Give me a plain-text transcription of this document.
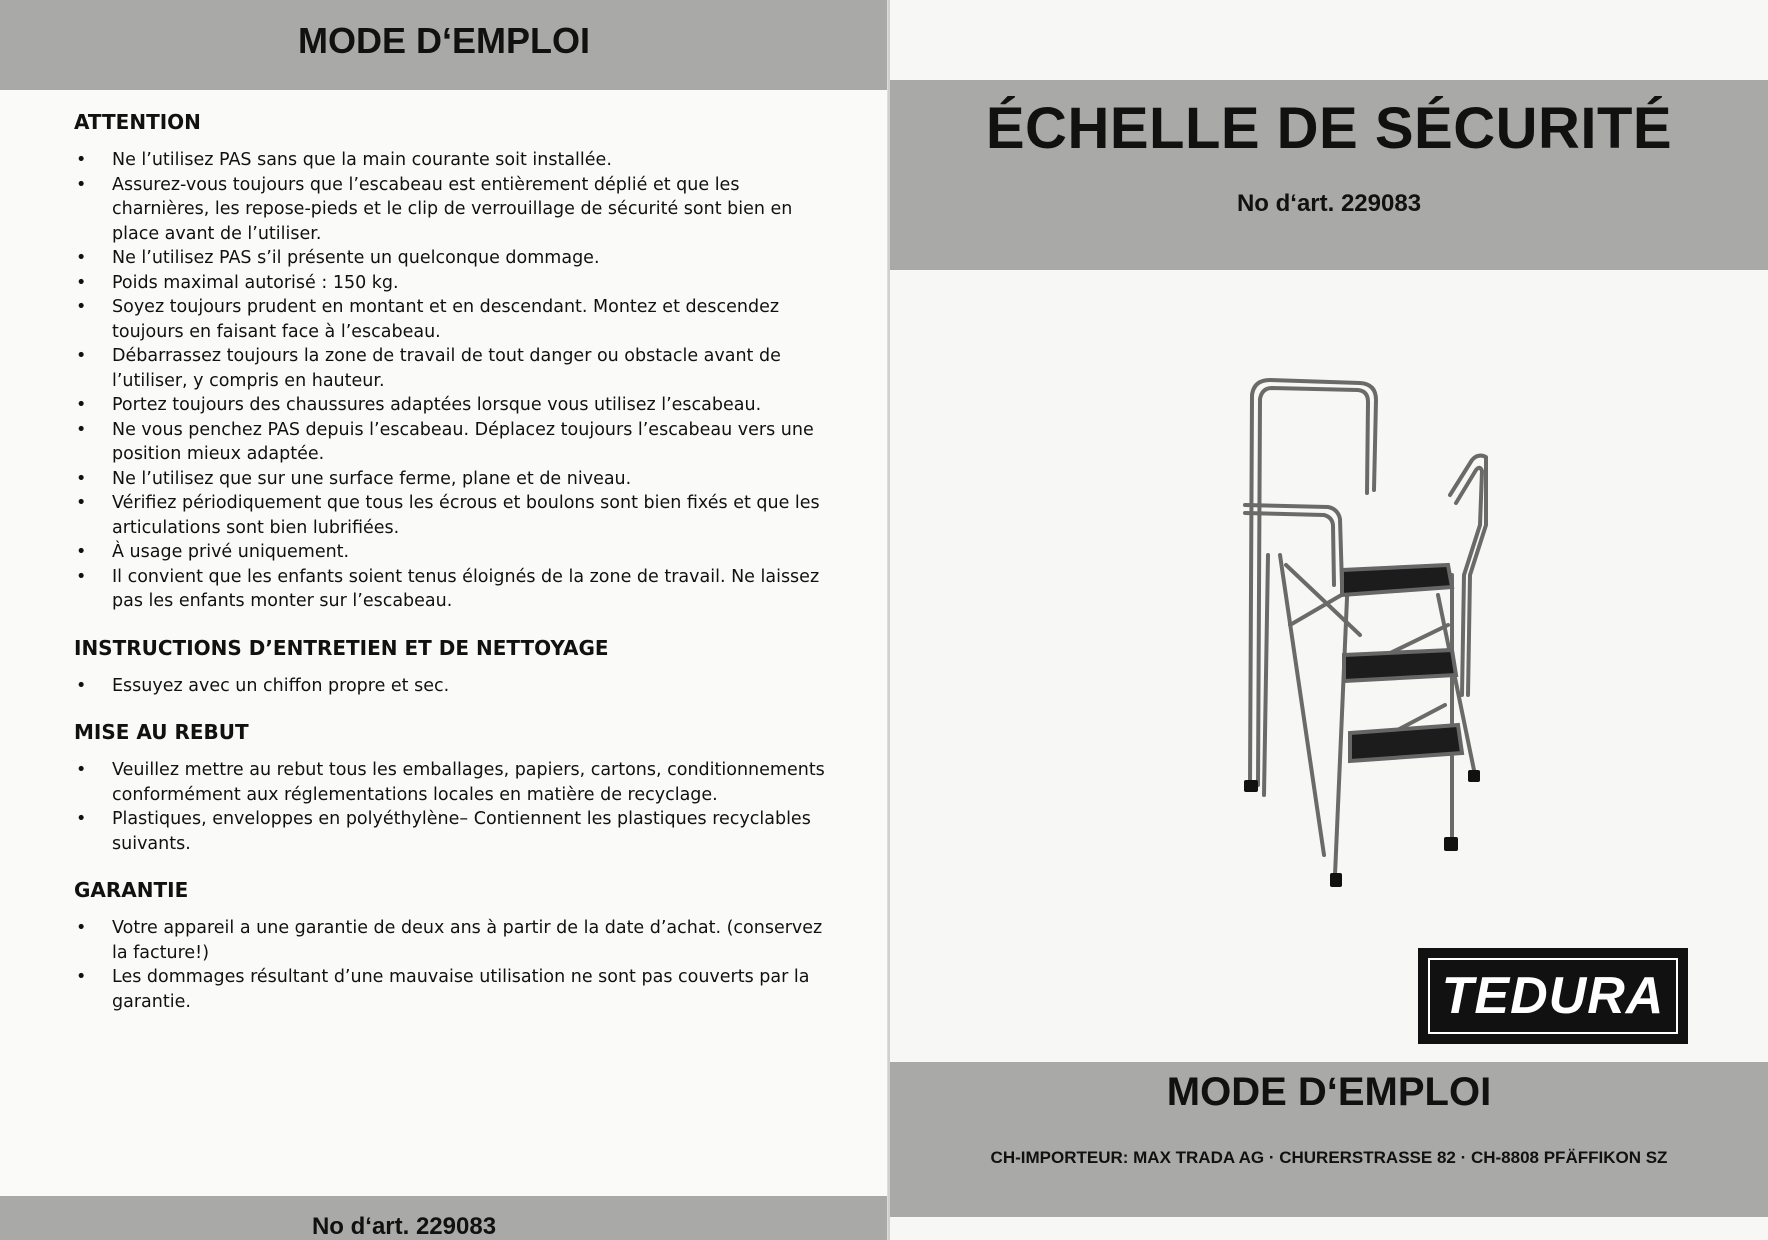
MODE D‘EMPLOI
ATTENTION
• Ne l’utilisez PAS sans que la main courante soit installée.
• Assurez-vous toujours que l’escabeau est entièrement déplié et que les charnières, les repose-pieds et le clip de verrouillage de sécurité sont bien en place avant de l’utiliser.
• Ne l’utilisez PAS s’il présente un quelconque dommage.
• Poids maximal autorisé : 150 kg.
• Soyez toujours prudent en montant et en descendant. Montez et descendez toujours en faisant face à l’escabeau.
• Débarrassez toujours la zone de travail de tout danger ou obstacle avant de l’utiliser, y compris en hauteur.
• Portez toujours des chaussures adaptées lorsque vous utilisez l’escabeau.
• Ne vous penchez PAS depuis l’escabeau. Déplacez toujours l’escabeau vers une position mieux adaptée.
• Ne l’utilisez que sur une surface ferme, plane et de niveau.
• Vérifiez périodiquement que tous les écrous et boulons sont bien fixés et que les articulations sont bien lubrifiées.
• À usage privé uniquement.
• Il convient que les enfants soient tenus éloignés de la zone de travail. Ne laissez pas les enfants monter sur l’escabeau.
INSTRUCTIONS D’ENTRETIEN ET DE NETTOYAGE
• Essuyez avec un chiffon propre et sec.
MISE AU REBUT
• Veuillez mettre au rebut tous les emballages, papiers, cartons, conditionnements conformément aux réglementations locales en matière de recyclage.
• Plastiques, enveloppes en polyéthylène– Contiennent les plastiques recyclables suivants.
GARANTIE
• Votre appareil a une garantie de deux ans à partir de la date d’achat. (conservez la facture!)
• Les dommages résultant d’une mauvaise utilisation ne sont pas couverts par la garantie.
No d‘art. 229083
ÉCHELLE DE SÉCURITÉ
No d‘art. 229083
TEDURA
MODE D‘EMPLOI
CH-IMPORTEUR: MAX TRADA AG · CHURERSTRASSE 82 · CH-8808 PFÄFFIKON SZ
